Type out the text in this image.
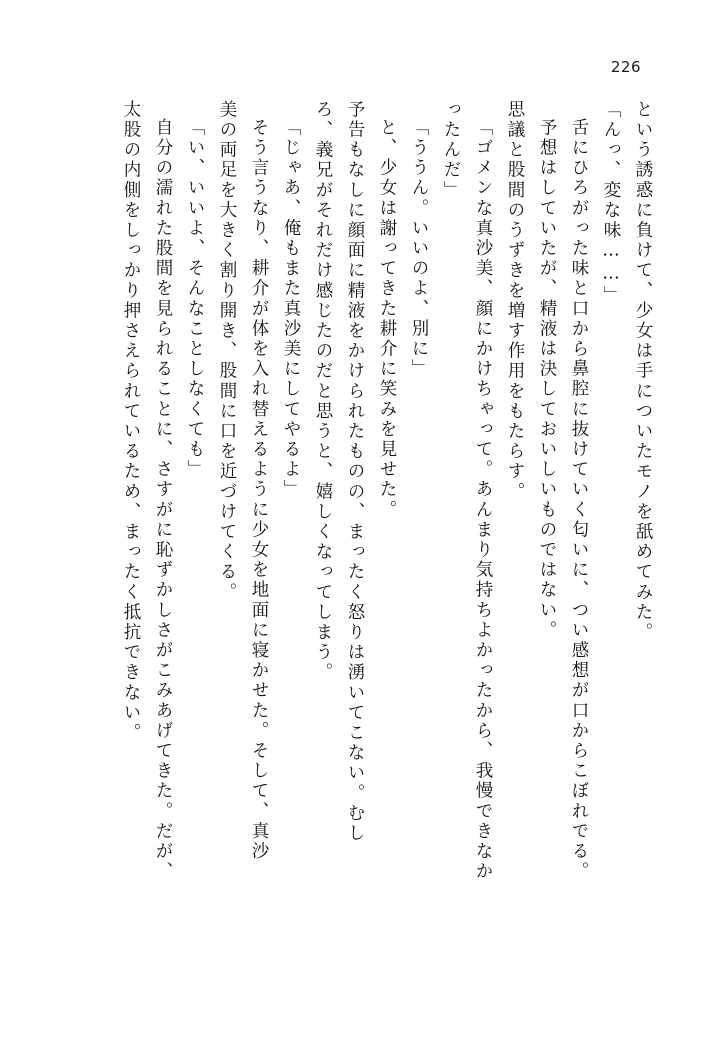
226
という誘惑に負けて、少女は手についたモノを舐めてみた。
「んっ、変な味……」
舌にひろがった味と口から鼻腔に抜けていく匂いに、つい感想が口からこぼれでる。
予想はしていたが、精液は決しておいしいものではない。
思議と股間のうずきを増す作用をもたらす。
「ゴメンな真沙美、顔にかけちゃって。あんまり気持ちよかったから、我慢できなか
ったんだ」
「ううん。いいのよ、別に」
と、少女は謝ってきた耕介に笑みを見せた。
予告もなしに顔面に精液をかけられたものの、まったく怒りは湧いてこない。むし
ろ、義兄がそれだけ感じたのだと思うと、嬉しくなってしまう。
「じゃあ、俺もまた真沙美にしてやるよ」
そう言うなり、耕介が体を入れ替えるように少女を地面に寝かせた。そして、真沙
美の両足を大きく割り開き、股間に口を近づけてくる。
「い、いいよ、そんなことしなくても」
自分の濡れた股間を見られることに、さすがに恥ずかしさがこみあげてきた。だが、
太股の内側をしっかり押さえられているため、まったく抵抗できない。
